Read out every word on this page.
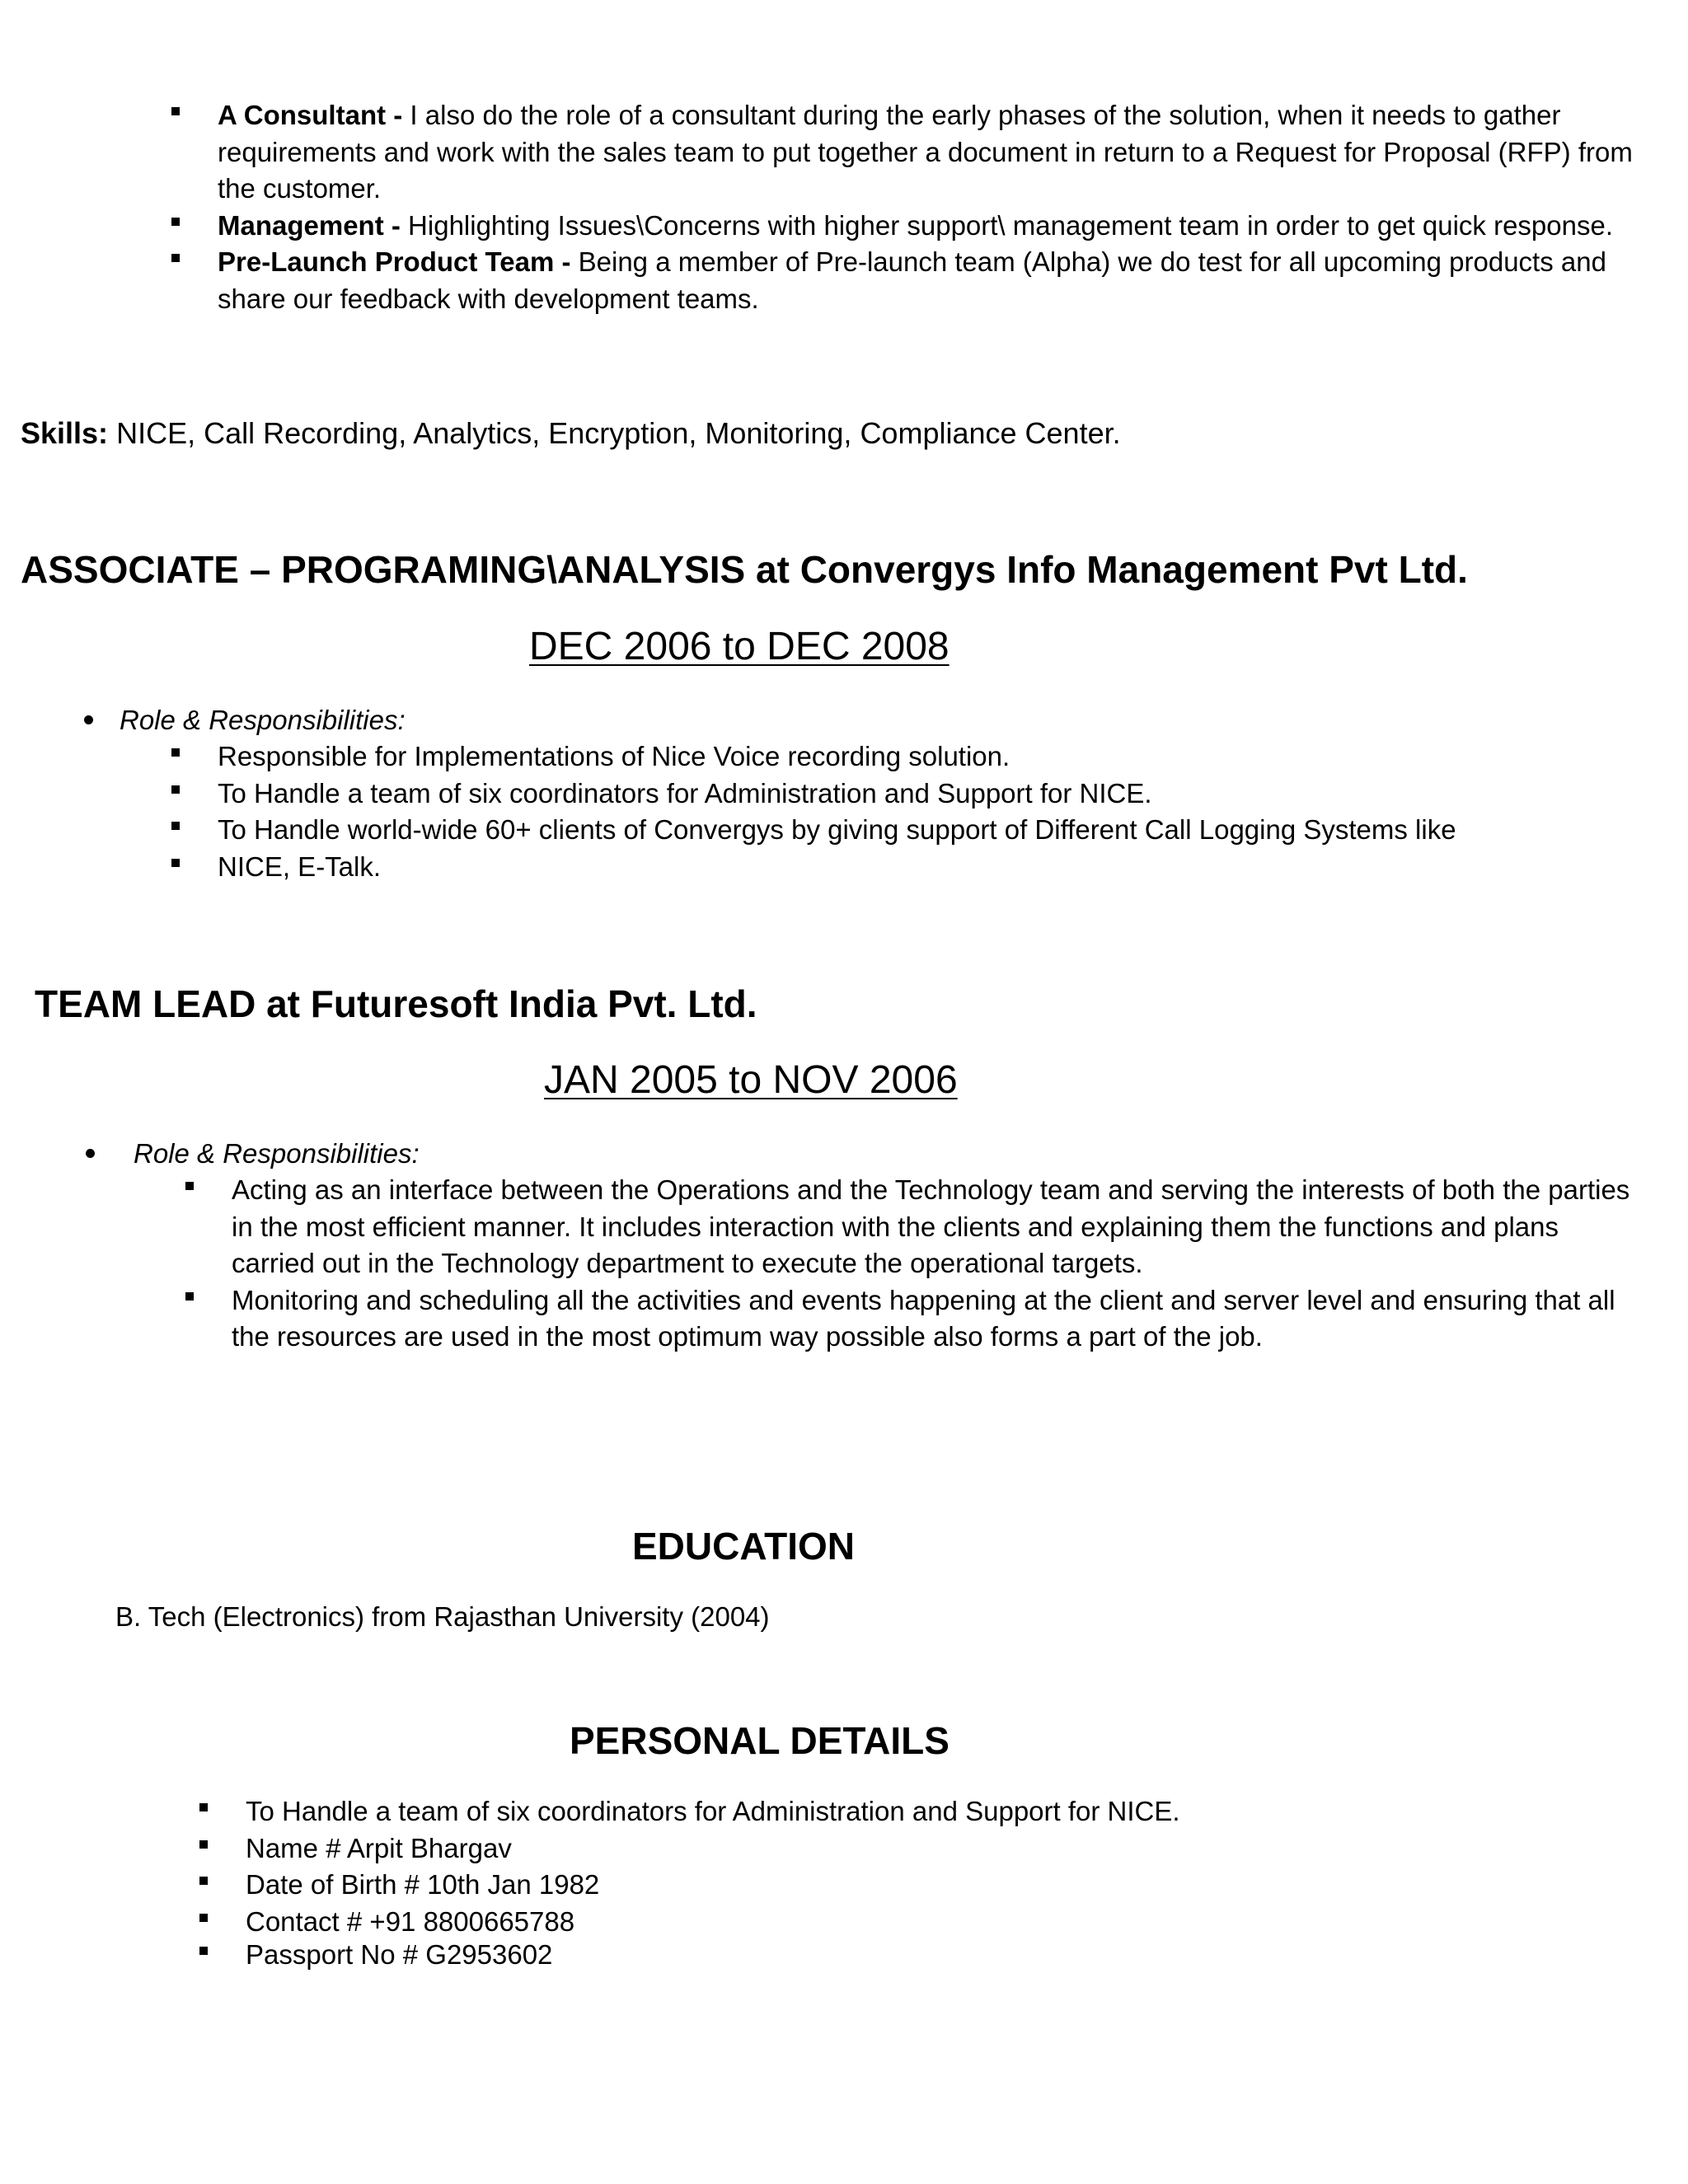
A Consultant - I also do the role of a consultant during the early phases of the solution, when it needs to gather requirements and work with the sales team to put together a document in return to a Request for Proposal (RFP) from the customer.
Management - Highlighting Issues\Concerns with higher support\ management team in order to get quick response.
Pre-Launch Product Team - Being a member of Pre-launch team (Alpha) we do test for all upcoming products and share our feedback with development teams.
Skills: NICE, Call Recording, Analytics, Encryption, Monitoring, Compliance Center.
ASSOCIATE – PROGRAMING\ANALYSIS at Convergys Info Management Pvt Ltd.
DEC 2006 to DEC 2008
Role & Responsibilities:
Responsible for Implementations of Nice Voice recording solution.
To Handle a team of six coordinators for Administration and Support for NICE.
To Handle world-wide 60+ clients of Convergys by giving support of Different Call Logging Systems like
NICE, E-Talk.
TEAM LEAD at Futuresoft India Pvt. Ltd.
JAN 2005 to NOV 2006
Role & Responsibilities:
Acting as an interface between the Operations and the Technology team and serving the interests of both the parties in the most efficient manner. It includes interaction with the clients and explaining them the functions and plans carried out in the Technology department to execute the operational targets.
Monitoring and scheduling all the activities and events happening at the client and server level and ensuring that all the resources are used in the most optimum way possible also forms a part of the job.
EDUCATION
B. Tech (Electronics) from Rajasthan University (2004)
PERSONAL DETAILS
To Handle a team of six coordinators for Administration and Support for NICE.
Name # Arpit Bhargav
Date of Birth # 10th Jan 1982
Contact # +91 8800665788
Passport No # G2953602
